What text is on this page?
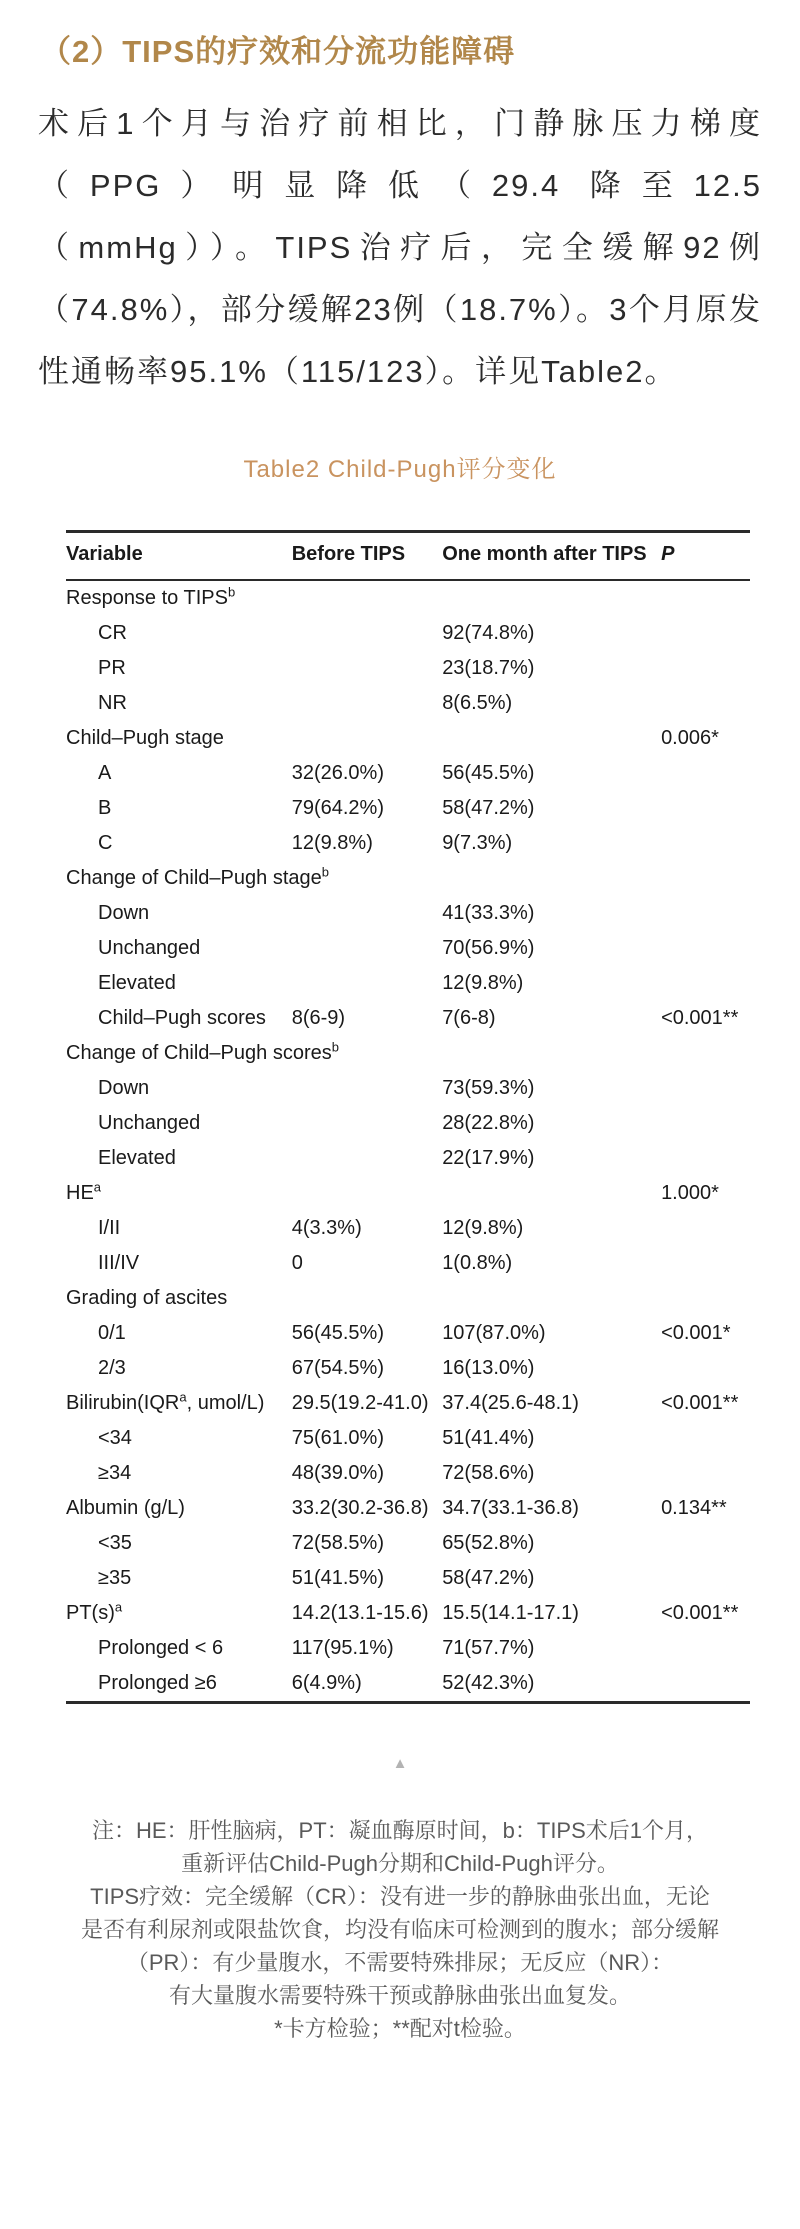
（2）TIPS的疗效和分流功能障碍

术后1个月与治疗前相比，门静脉压力梯度（PPG）明显降低（29.4 降至12.5 （mmHg））。TIPS治疗后，完全缓解92例（74.8%），部分缓解23例（18.7%）。3个月原发性通畅率95.1%（115/123）。详见Table2。

Table2 Child-Pugh评分变化
Variable	Before TIPS	One month after TIPS	P
Response to TIPS$^b$
CR		92(74.8%)	
PR		23(18.7%)	
NR		8(6.5%)	
Child–Pugh stage			0.006*
A	32(26.0%)	56(45.5%)	
B	79(64.2%)	58(47.2%)	
C	12(9.8%)	9(7.3%)	
Change of Child–Pugh stage$^b$
Down		41(33.3%)	
Unchanged		70(56.9%)	
Elevated		12(9.8%)	
Child–Pugh scores	8(6-9)	7(6-8)	<0.001**
Change of Child–Pugh scores$^b$
Down		73(59.3%)	
Unchanged		28(22.8%)	
Elevated		22(17.9%)	
$HE^a$			1.000*
I/II	4(3.3%)	12(9.8%)	
III/IV	0	1(0.8%)	
Grading of ascites			
0/1	56(45.5%)	107(87.0%)	<0.001*
2/3	67(54.5%)	16(13.0%)	
Bilirubin(IQR$^a$, umol/L)	29.5(19.2-41.0)	37.4(25.6-48.1)	<0.001**
<34	75(61.0%)	51(41.4%)	
≥34	48(39.0%)	72(58.6%)	
Albumin (g/L)	33.2(30.2-36.8)	34.7(33.1-36.8)	0.134**
<35	72(58.5%)	65(52.8%)	
≥35	51(41.5%)	58(47.2%)	
$PT(s)^a$	14.2(13.1-15.6)	15.5(14.1-17.1)	<0.001**
Prolonged < 6	117(95.1%)	71(57.7%)	
Prolonged ≥6	6(4.9%)	52(42.3%)	
▲
注：HE：肝性脑病，PT：凝血酶原时间，b：TIPS术后1个月，
重新评估Child-Pugh分期和Child-Pugh评分。
TIPS疗效：完全缓解（CR）：没有进一步的静脉曲张出血，无论
是否有利尿剂或限盐饮食，均没有临床可检测到的腹水；部分缓解
（PR）：有少量腹水，不需要特殊排尿；无反应（NR）：
有大量腹水需要特殊干预或静脉曲张出血复发。
*卡方检验；**配对t检验。
